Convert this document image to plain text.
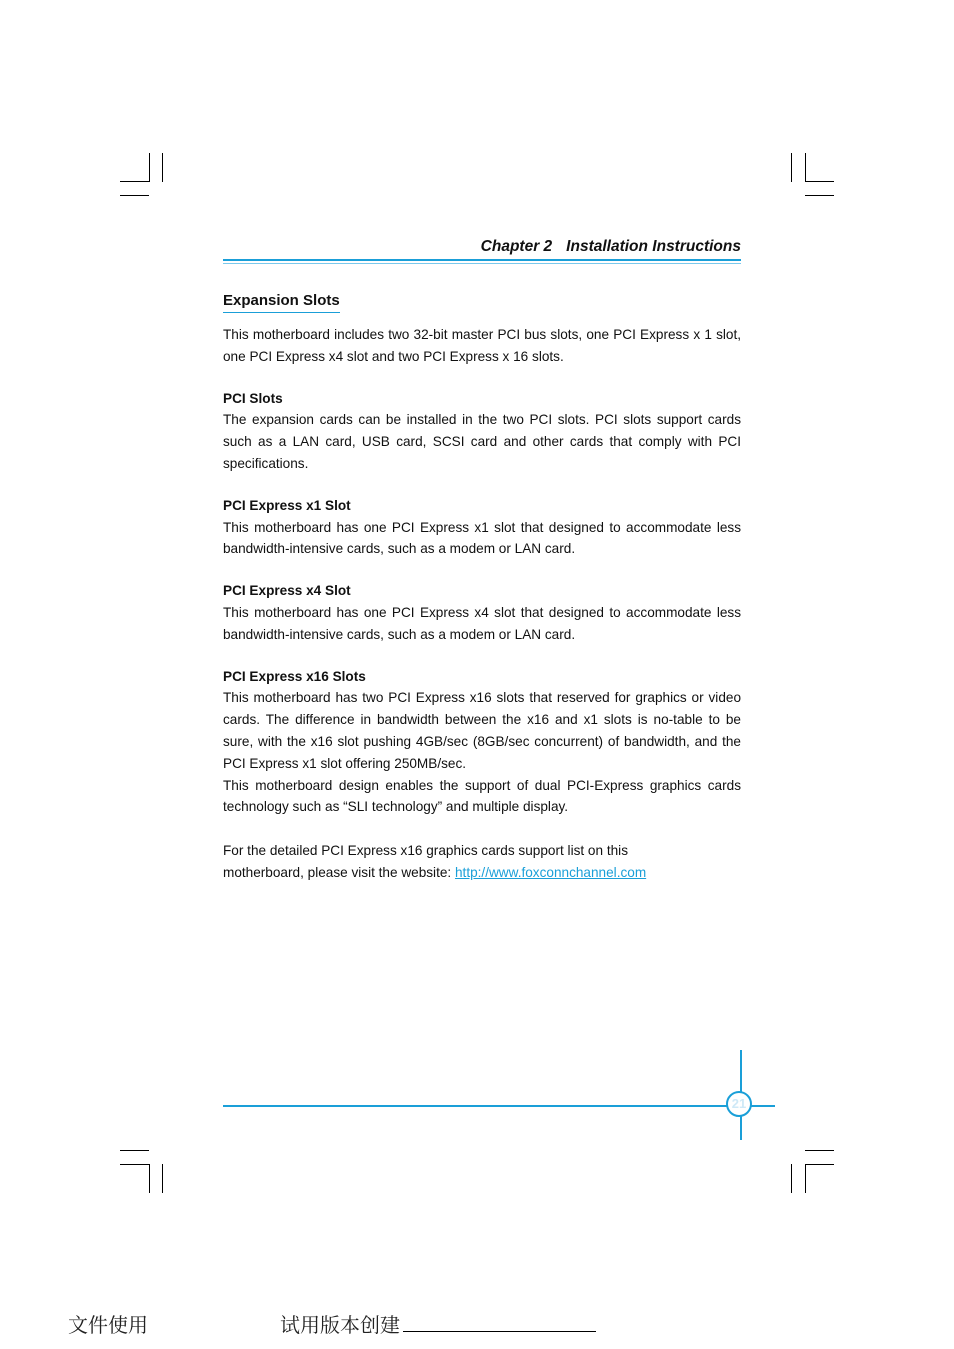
Chapter 2 Installation Instructions
Expansion Slots

This motherboard includes two 32-bit master PCI bus slots, one PCI Express x 1 slot, one PCI Express x4 slot and two PCI Express x 16 slots.

PCI Slots

The expansion cards can be installed in the two PCI slots. PCI slots support cards such as a LAN card, USB card, SCSI card and other cards that comply with PCI specifications.

PCI Express x1 Slot

This motherboard has one PCI Express x1 slot that designed to accommodate less bandwidth-intensive cards, such as a modem or LAN card.

PCI Express x4 Slot

This motherboard has one PCI Express x4 slot that designed to accommodate less bandwidth-intensive cards, such as a modem or LAN card.

PCI Express x16 Slots

This motherboard has two PCI Express x16 slots that reserved for graphics or video cards. The difference in bandwidth between the x16 and x1 slots is no-table to be sure, with the x16 slot pushing 4GB/sec (8GB/sec concurrent) of bandwidth, and the PCI Express x1 slot offering 250MB/sec.

This motherboard design enables the support of dual PCI-Express graphics cards technology such as “SLI technology” and multiple display.

For the detailed PCI Express x16 graphics cards support list on this

motherboard, please visit the website: http://www.foxconnchannel.com

21
文件使用	试用版本创建
